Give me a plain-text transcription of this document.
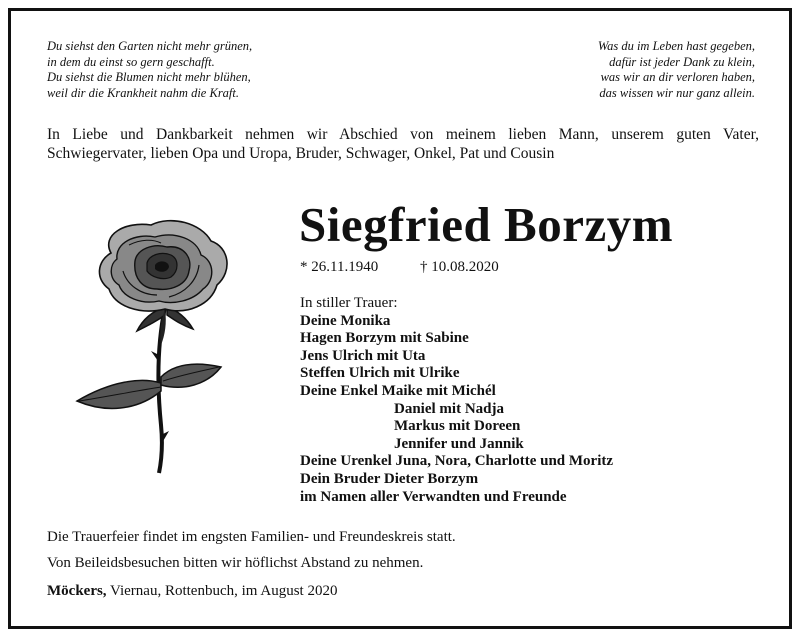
Du siehst den Garten nicht mehr grünen,
in dem du einst so gern geschafft.
Du siehst die Blumen nicht mehr blühen,
weil dir die Krankheit nahm die Kraft.
Was du im Leben hast gegeben,
dafür ist jeder Dank zu klein,
was wir an dir verloren haben,
das wissen wir nur ganz allein.
In Liebe und Dankbarkeit nehmen wir Abschied von meinem lieben Mann, unserem guten Vater,
Schwiegervater, lieben Opa und Uropa, Bruder, Schwager, Onkel, Pat und Cousin
Siegfried Borzym
* 26.11.1940	† 10.08.2020
In stiller Trauer:
Deine Monika
Hagen Borzym mit Sabine
Jens Ulrich mit Uta
Steffen Ulrich mit Ulrike
Deine Enkel Maike mit Michél
Daniel mit Nadja
Markus mit Doreen
Jennifer und Jannik
Deine Urenkel Juna, Nora, Charlotte und Moritz
Dein Bruder Dieter Borzym
im Namen aller Verwandten und Freunde
Die Trauerfeier findet im engsten Familien- und Freundeskreis statt.
Von Beileidsbesuchen bitten wir höflichst Abstand zu nehmen.
Möckers, Viernau, Rottenbuch, im August 2020
